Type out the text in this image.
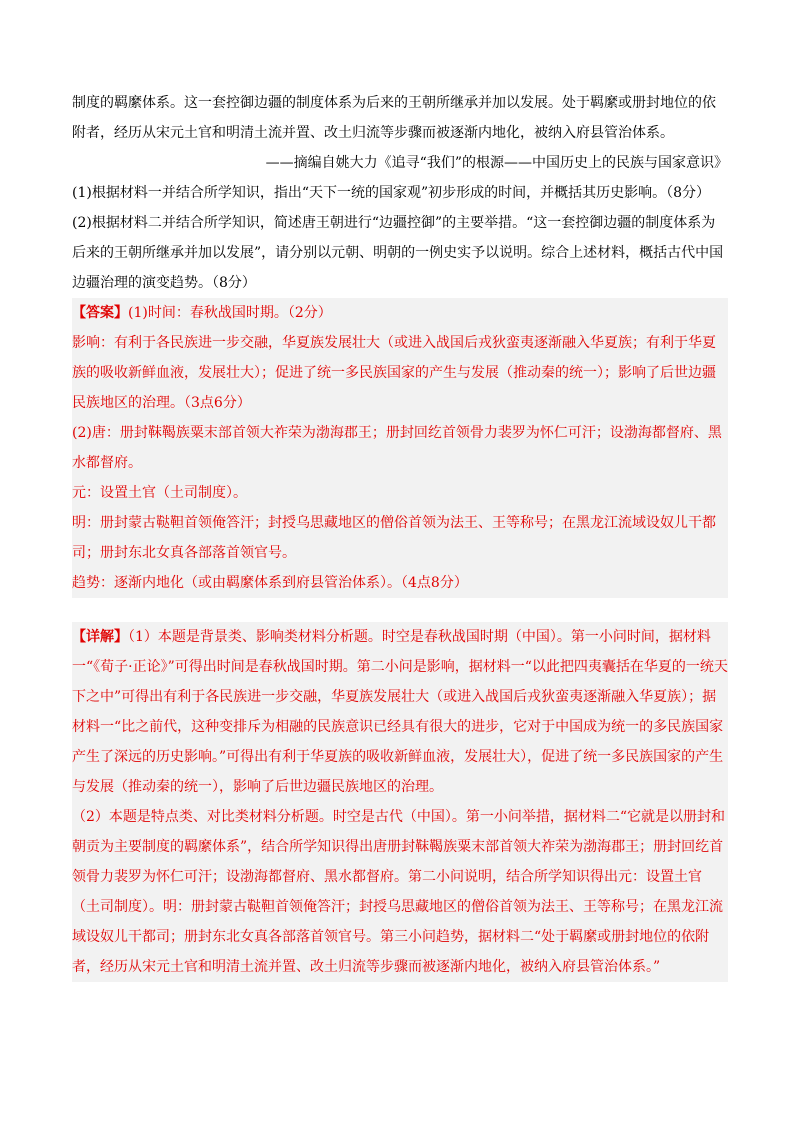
制度的羁縻体系。这一套控御边疆的制度体系为后来的王朝所继承并加以发展。处于羁縻或册封地位的依

附者，经历从宋元土官和明清土流并置、改土归流等步骤而被逐渐内地化，被纳入府县管治体系。

——摘编自姚大力《追寻“我们”的根源——中国历史上的民族与国家意识》

(1)根据材料一并结合所学知识，指出“天下一统的国家观”初步形成的时间，并概括其历史影响。（8分）

(2)根据材料二并结合所学知识，简述唐王朝进行“边疆控御”的主要举措。“这一套控御边疆的制度体系为后来的王朝所继承并加以发展”，请分别以元朝、明朝的一例史实予以说明。综合上述材料，概括古代中国边疆治理的演变趋势。（8分）

【答案】(1)时间：春秋战国时期。（2分）

影响：有利于各民族进一步交融，华夏族发展壮大（或进入战国后戎狄蛮夷逐渐融入华夏族；有利于华夏族的吸收新鲜血液，发展壮大）；促进了统一多民族国家的产生与发展（推动秦的统一）；影响了后世边疆民族地区的治理。（3点6分）

(2)唐：册封靺鞨族粟末部首领大祚荣为渤海郡王；册封回纥首领骨力裴罗为怀仁可汗；设渤海都督府、黑水都督府。

元：设置土官（土司制度）。

明：册封蒙古鞑靼首领俺答汗；封授乌思藏地区的僧俗首领为法王、王等称号；在黑龙江流域设奴儿干都司；册封东北女真各部落首领官号。

趋势：逐渐内地化（或由羁縻体系到府县管治体系）。（4点8分）

【详解】（1）本题是背景类、影响类材料分析题。时空是春秋战国时期（中国）。第一小问时间，据材料一“《荀子·正论》”可得出时间是春秋战国时期。第二小问是影响，据材料一“以此把四夷囊括在华夏的一统天下之中”可得出有利于各民族进一步交融，华夏族发展壮大（或进入战国后戎狄蛮夷逐渐融入华夏族）；据材料一“比之前代，这种变排斥为相融的民族意识已经具有很大的进步，它对于中国成为统一的多民族国家产生了深远的历史影响。”可得出有利于华夏族的吸收新鲜血液，发展壮大），促进了统一多民族国家的产生与发展（推动秦的统一），影响了后世边疆民族地区的治理。

（2）本题是特点类、对比类材料分析题。时空是古代（中国）。第一小问举措，据材料二“它就是以册封和朝贡为主要制度的羁縻体系”，结合所学知识得出唐册封靺鞨族粟末部首领大祚荣为渤海郡王；册封回纥首领骨力裴罗为怀仁可汗；设渤海都督府、黑水都督府。第二小问说明，结合所学知识得出元：设置土官（土司制度）。明：册封蒙古鞑靼首领俺答汗；封授乌思藏地区的僧俗首领为法王、王等称号；在黑龙江流域设奴儿干都司；册封东北女真各部落首领官号。第三小问趋势，据材料二“处于羁縻或册封地位的依附者，经历从宋元土官和明清土流并置、改土归流等步骤而被逐渐内地化，被纳入府县管治体系。”
